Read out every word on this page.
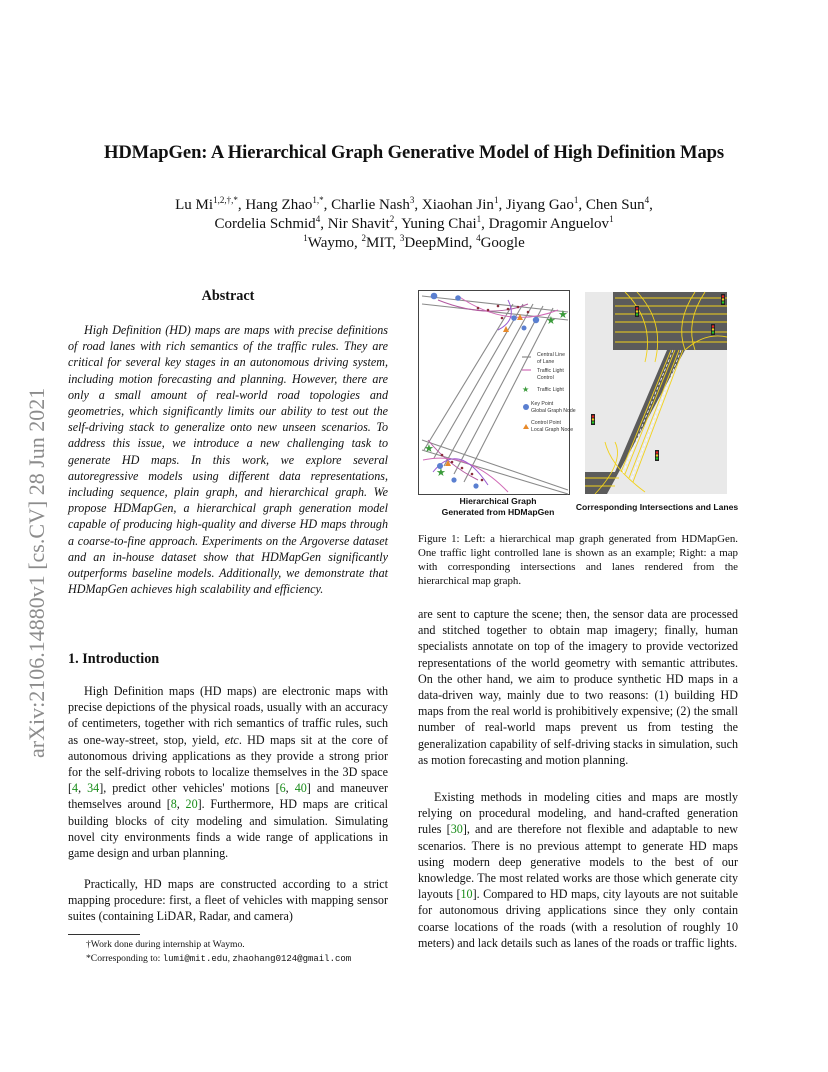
HDMapGen: A Hierarchical Graph Generative Model of High Definition Maps
Lu $Mi^{1,2,\dagger,*}$, Hang Zhao$^{1,*}$, Charlie Nash$^3$, Xiaohan Jin$^1$, Jiyang Gao$^1$, Chen Sun$^4$,
Cordelia Schmid$^4$, Nir Shavit$^2$, Yuning Chai$^1$, Dragomir Anguelov$^1$
$^1$Waymo, $^2$MIT, $^3$DeepMind, $^4$Google
arXiv:2106.14880v1 [cs.CV] 28 Jun 2021
Abstract
High Definition (HD) maps are maps with precise definitions of road lanes with rich semantics of the traffic rules. They are critical for several key stages in an autonomous driving system, including motion forecasting and planning. However, there are only a small amount of real-world road topologies and geometries, which significantly limits our ability to test out the self-driving stack to generalize onto new unseen scenarios. To address this issue, we introduce a new challenging task to generate HD maps. In this work, we explore several autoregressive models using different data representations, including sequence, plain graph, and hierarchical graph. We propose HDMapGen, a hierarchical graph generation model capable of producing high-quality and diverse HD maps through a coarse-to-fine approach. Experiments on the Argoverse dataset and an in-house dataset show that HDMapGen significantly outperforms baseline models. Additionally, we demonstrate that HDMapGen achieves high scalability and efficiency.
1. Introduction

High Definition maps (HD maps) are electronic maps with precise depictions of the physical roads, usually with an accuracy of centimeters, together with rich semantics of traffic rules, such as one-way-street, stop, yield, etc. HD maps sit at the core of autonomous driving applications as they provide a strong prior for the self-driving robots to localize themselves in the 3D space [4, 34], predict other vehicles' motions [6, 40] and maneuver themselves around [8, 20]. Furthermore, HD maps are critical building blocks of city modeling and simulation. Simulating novel city environments finds a wide range of applications in game design and urban planning.

Practically, HD maps are constructed according to a strict mapping procedure: first, a fleet of vehicles with mapping sensor suites (containing LiDAR, Radar, and camera)

†Work done during internship at Waymo.
*Corresponding to: lumi@mit.edu, zhaohang0124@gmail.com
★ ★
★
★
Central Line
of Lane
Traffic Light
Control
★ Traffic Light
Key Point
Global Graph Node
Control Point
Local Graph Node
Hierarchical Graph
Generated from HDMapGen	Corresponding Intersections and Lanes
Figure 1: Left: a hierarchical map graph generated from HDMapGen. One traffic light controlled lane is shown as an example; Right: a map with corresponding intersections and lanes rendered from the hierarchical map graph.

are sent to capture the scene; then, the sensor data are processed and stitched together to obtain map imagery; finally, human specialists annotate on top of the imagery to provide vectorized representations of the world geometry with semantic attributes. On the other hand, we aim to produce synthetic HD maps in a data-driven way, mainly due to two reasons: (1) building HD maps from the real world is prohibitively expensive; (2) the small number of real-world maps prevent us from testing the generalization capability of self-driving stacks in simulation, such as motion forecasting and motion planning.

Existing methods in modeling cities and maps are mostly relying on procedural modeling, and hand-crafted generation rules [30], and are therefore not flexible and adaptable to new scenarios. There is no previous attempt to generate HD maps using modern deep generative models to the best of our knowledge. The most related works are those which generate city layouts [10]. Compared to HD maps, city layouts are not suitable for autonomous driving applications since they only contain coarse locations of the roads (with a resolution of roughly 10 meters) and lack details such as lanes of the roads or traffic lights.
